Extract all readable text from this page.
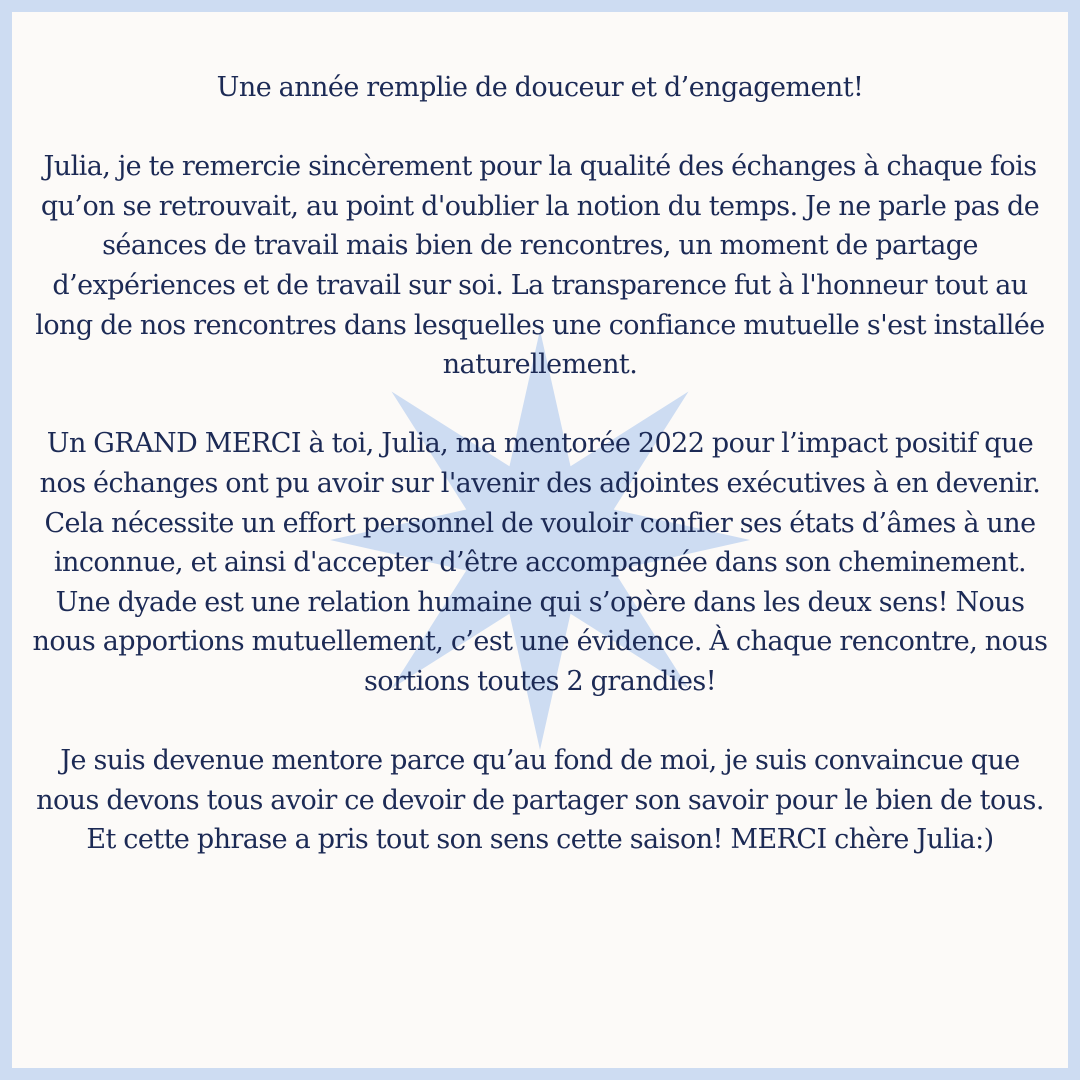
Une année remplie de douceur et d’engagement!

Julia, je te remercie sincèrement pour la qualité des échanges à chaque fois qu’on se retrouvait, au point d'oublier la notion du temps. Je ne parle pas de séances de travail mais bien de rencontres, un moment de partage d’expériences et de travail sur soi. La transparence fut à l'honneur tout au long de nos rencontres dans lesquelles une confiance mutuelle s'est installée naturellement.

Un GRAND MERCI à toi, Julia, ma mentorée 2022 pour l’impact positif que nos échanges ont pu avoir sur l'avenir des adjointes exécutives à en devenir. Cela nécessite un effort personnel de vouloir confier ses états d’âmes à une inconnue, et ainsi d'accepter d’être accompagnée dans son cheminement. Une dyade est une relation humaine qui s’opère dans les deux sens! Nous nous apportions mutuellement, c’est une évidence. À chaque rencontre, nous sortions toutes 2 grandies!

Je suis devenue mentore parce qu’au fond de moi, je suis convaincue que nous devons tous avoir ce devoir de partager son savoir pour le bien de tous. Et cette phrase a pris tout son sens cette saison! MERCI chère Julia:)
